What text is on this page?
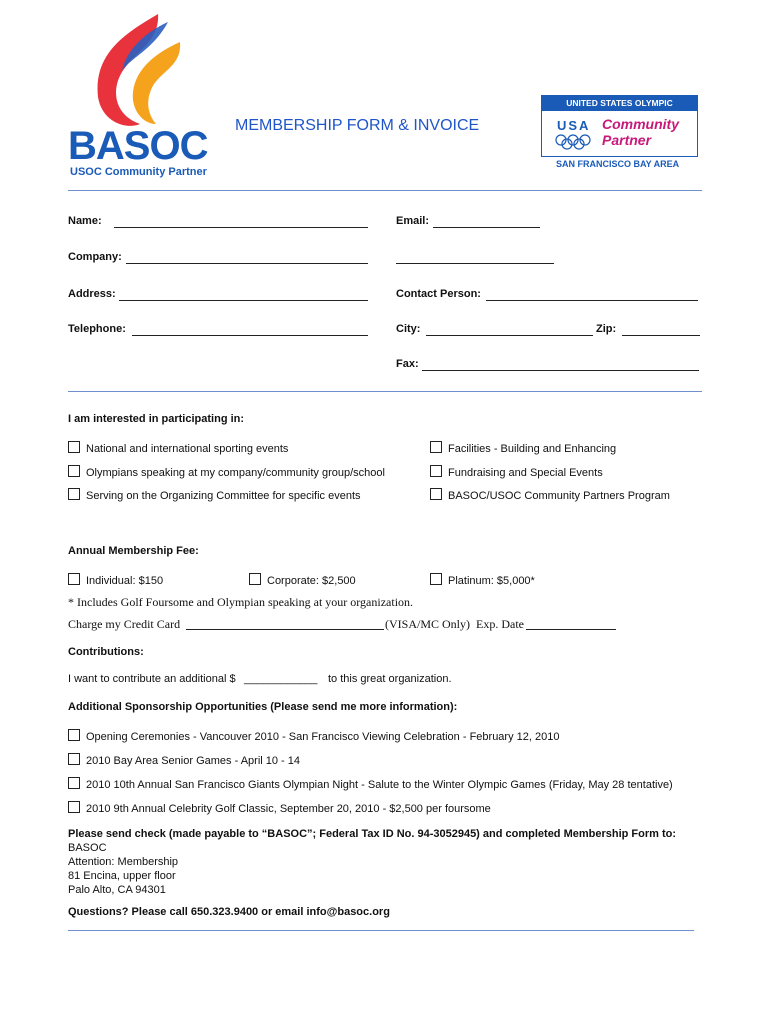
BASOC
USOC Community Partner
MEMBERSHIP FORM & INVOICE
UNITED STATES OLYMPIC
USA Community
Partner
SAN FRANCISCO BAY AREA
Name:	Email:
Company:
Address:	Contact Person:
Telephone:	City:	Zip:
Fax:
I am interested in participating in:
National and international sporting events
Olympians speaking at my company/community group/school
Serving on the Organizing Committee for specific events
Facilities - Building and Enhancing
Fundraising and Special Events
BASOC/USOC Community Partners Program
Annual Membership Fee:
Individual: $150	Corporate: $2,500	Platinum: $5,000*
* Includes Golf Foursome and Olympian speaking at your organization.
Charge my Credit Card	(VISA/MC Only) Exp. Date
Contributions:
I want to contribute an additional $ ____________ to this great organization.
Additional Sponsorship Opportunities (Please send me more information):
Opening Ceremonies - Vancouver 2010 - San Francisco Viewing Celebration - February 12, 2010
2010 Bay Area Senior Games - April 10 - 14
2010 10th Annual San Francisco Giants Olympian Night - Salute to the Winter Olympic Games (Friday, May 28 tentative)
2010 9th Annual Celebrity Golf Classic, September 20, 2010 - $2,500 per foursome
Please send check (made payable to “BASOC”; Federal Tax ID No. 94-3052945) and completed Membership Form to:
BASOC
Attention: Membership
81 Encina, upper floor
Palo Alto, CA 94301
Questions? Please call 650.323.9400 or email info@basoc.org
